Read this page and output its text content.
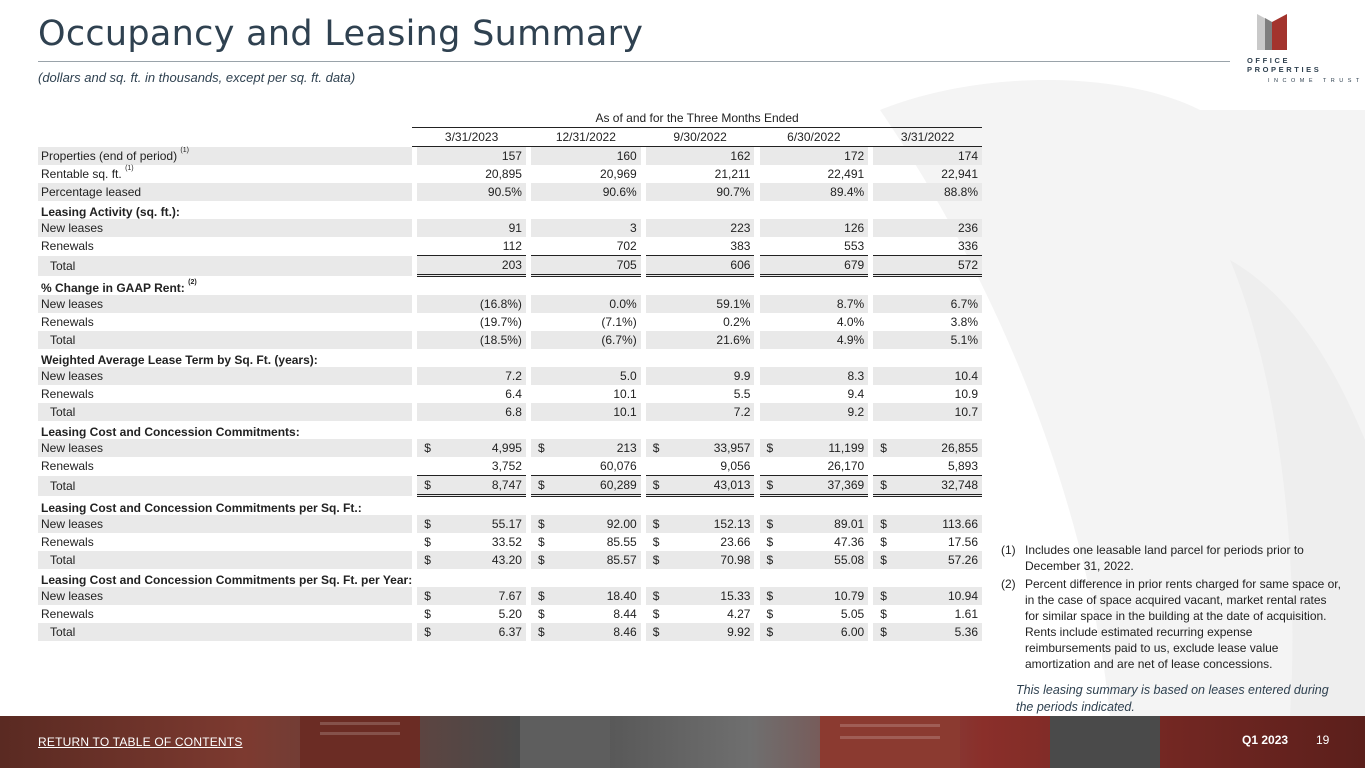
Occupancy and Leasing Summary
(dollars and sq. ft. in thousands, except per sq. ft. data)
OFFICE PROPERTIES
INCOME TRUST
	As of and for the Three Months Ended									
		3/31/2023		12/31/2022		9/30/2022		6/30/2022		3/31/2022
Properties (end of period) $^{(1)}$		157		160		162		172		174
Rentable sq. ft. $^{(1)}$		20,895		20,969		21,211		22,491		22,941
Percentage leased		90.5%		90.6%		90.7%		89.4%		88.8%
Leasing Activity (sq. ft.):										
New leases		91		3		223		126		236
Renewals		112		702		383		553		336
Total		203		705		606		679		572
% Change in GAAP Rent: $^{(2)}$										
New leases		(16.8%)		0.0%		59.1%		8.7%		6.7%
Renewals		(19.7%)		(7.1%)		0.2%		4.0%		3.8%
Total		(18.5%)		(6.7%)		21.6%		4.9%		5.1%
Weighted Average Lease Term by Sq. Ft. (years):										
New leases		7.2		5.0		9.9		8.3		10.4
Renewals		6.4		10.1		5.5		9.4		10.9
Total		6.8		10.1		7.2		9.2		10.7
Leasing Cost and Concession Commitments:										
New leases		$ 4,995		$ 213		$ 33,957		$ 11,199		$ 26,855
Renewals		3,752		60,076		9,056		26,170		5,893
Total		$ 8,747		$ 60,289		$ 43,013		$ 37,369		$ 32,748
Leasing Cost and Concession Commitments per Sq. Ft.:										
New leases		$ 55.17		$ 92.00		$ 152.13		$ 89.01		$ 113.66
Renewals		$ 33.52		$ 85.55		$ 23.66		$ 47.36		$ 17.56
Total		$ 43.20		$ 85.57		$ 70.98		$ 55.08		$ 57.26
Leasing Cost and Concession Commitments per Sq. Ft. per Year:										
New leases		$ 7.67		$ 18.40		$ 15.33		$ 10.79		$ 10.94
Renewals		$ 5.20		$ 8.44		$ 4.27		$ 5.05		$ 1.61
Total		$ 6.37		$ 8.46		$ 9.92		$ 6.00		$ 5.36
(1) Includes one leasable land parcel for periods prior to December 31, 2022.
(2) Percent difference in prior rents charged for same space or, in the case of space acquired vacant, market rental rates for similar space in the building at the date of acquisition. Rents include estimated recurring expense reimbursements paid to us, exclude lease value amortization and are net of lease concessions.
This leasing summary is based on leases entered during the periods indicated.
RETURN TO TABLE OF CONTENTS	Q1 2023 19
